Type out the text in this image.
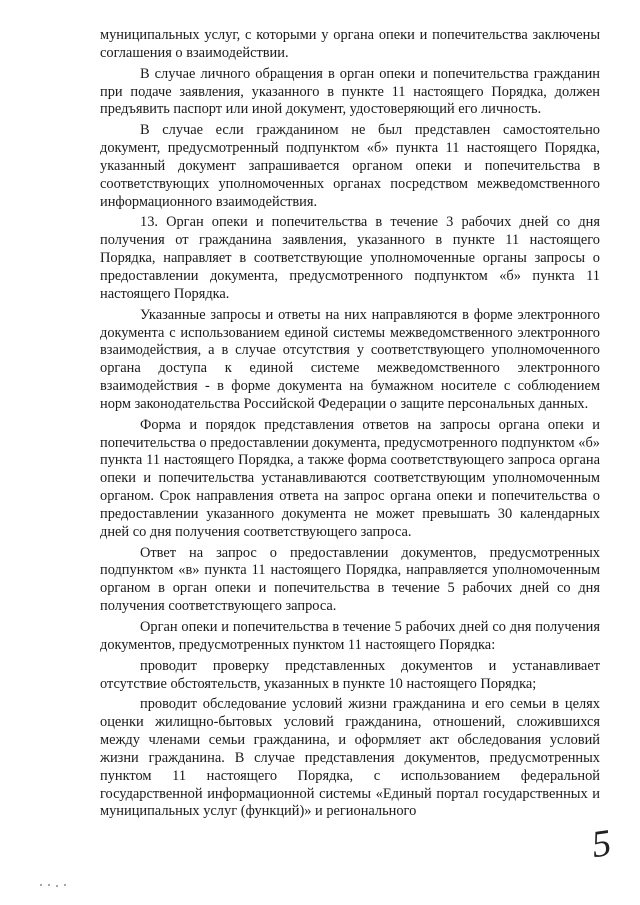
муниципальных услуг, с которыми у органа опеки и попечительства заключены соглашения о взаимодействии.

В случае личного обращения в орган опеки и попечительства гражданин при подаче заявления, указанного в пункте 11 настоящего Порядка, должен предъявить паспорт или иной документ, удостоверяющий его личность.

В случае если гражданином не был представлен самостоятельно документ, предусмотренный подпунктом «б» пункта 11 настоящего Порядка, указанный документ запрашивается органом опеки и попечительства в соответствующих уполномоченных органах посредством межведомственного информационного взаимодействия.

13. Орган опеки и попечительства в течение 3 рабочих дней со дня получения от гражданина заявления, указанного в пункте 11 настоящего Порядка, направляет в соответствующие уполномоченные органы запросы о предоставлении документа, предусмотренного подпунктом «б» пункта 11 настоящего Порядка.

Указанные запросы и ответы на них направляются в форме электронного документа с использованием единой системы межведомственного электронного взаимодействия, а в случае отсутствия у соответствующего уполномоченного органа доступа к единой системе межведомственного электронного взаимодействия - в форме документа на бумажном носителе с соблюдением норм законодательства Российской Федерации о защите персональных данных.

Форма и порядок представления ответов на запросы органа опеки и попечительства о предоставлении документа, предусмотренного подпунктом «б» пункта 11 настоящего Порядка, а также форма соответствующего запроса органа опеки и попечительства устанавливаются соответствующим уполномоченным органом. Срок направления ответа на запрос органа опеки и попечительства о предоставлении указанного документа не может превышать 30 календарных дней со дня получения соответствующего запроса.

Ответ на запрос о предоставлении документов, предусмотренных подпунктом «в» пункта 11 настоящего Порядка, направляется уполномоченным органом в орган опеки и попечительства в течение 5 рабочих дней со дня получения соответствующего запроса.

Орган опеки и попечительства в течение 5 рабочих дней со дня получения документов, предусмотренных пунктом 11 настоящего Порядка:

проводит проверку представленных документов и устанавливает отсутствие обстоятельств, указанных в пункте 10 настоящего Порядка;

проводит обследование условий жизни гражданина и его семьи в целях оценки жилищно-бытовых условий гражданина, отношений, сложившихся между членами семьи гражданина, и оформляет акт обследования условий жизни гражданина. В случае представления документов, предусмотренных пунктом 11 настоящего Порядка, с использованием федеральной государственной информационной системы «Единый портал государственных и муниципальных услуг (функций)» и регионального

5
